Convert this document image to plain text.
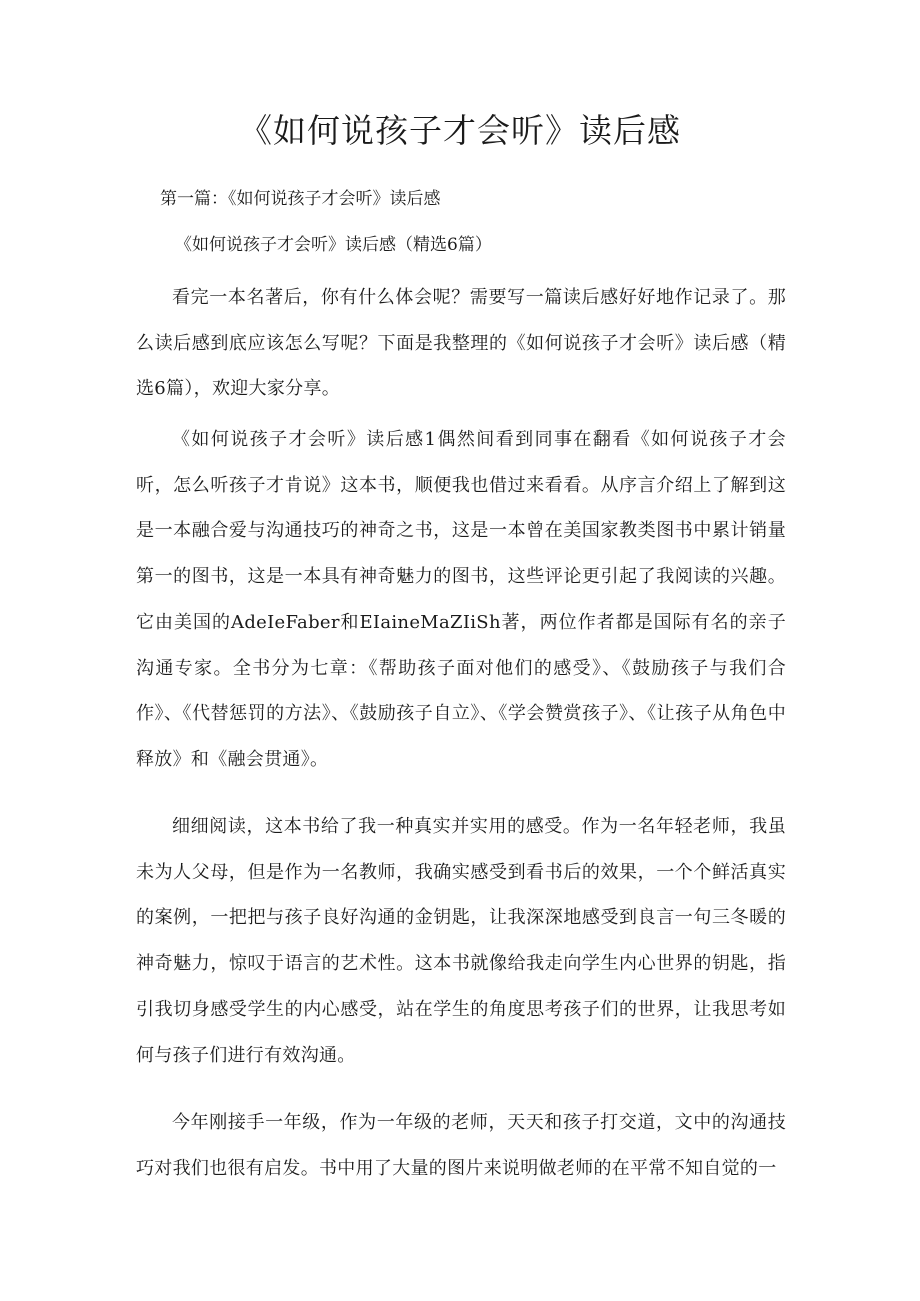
《如何说孩子才会听》读后感

第一篇：《如何说孩子才会听》读后感

《如何说孩子才会听》读后感（精选6篇）

看完一本名著后，你有什么体会呢？需要写一篇读后感好好地作记录了。那么读后感到底应该怎么写呢？下面是我整理的《如何说孩子才会听》读后感（精选6篇），欢迎大家分享。

《如何说孩子才会听》读后感1偶然间看到同事在翻看《如何说孩子才会听，怎么听孩子才肯说》这本书，顺便我也借过来看看。从序言介绍上了解到这是一本融合爱与沟通技巧的神奇之书，这是一本曾在美国家教类图书中累计销量第一的图书，这是一本具有神奇魅力的图书，这些评论更引起了我阅读的兴趣。它由美国的AdeIeFaber和EIaineMaZIiSh著，两位作者都是国际有名的亲子沟通专家。全书分为七章：《帮助孩子面对他们的感受》、《鼓励孩子与我们合作》、《代替惩罚的方法》、《鼓励孩子自立》、《学会赞赏孩子》、《让孩子从角色中释放》和《融会贯通》。

细细阅读，这本书给了我一种真实并实用的感受。作为一名年轻老师，我虽未为人父母，但是作为一名教师，我确实感受到看书后的效果，一个个鲜活真实的案例，一把把与孩子良好沟通的金钥匙，让我深深地感受到良言一句三冬暖的神奇魅力，惊叹于语言的艺术性。这本书就像给我走向学生内心世界的钥匙，指引我切身感受学生的内心感受，站在学生的角度思考孩子们的世界，让我思考如何与孩子们进行有效沟通。

今年刚接手一年级，作为一年级的老师，天天和孩子打交道，文中的沟通技巧对我们也很有启发。书中用了大量的图片来说明做老师的在平常不知自觉的一
